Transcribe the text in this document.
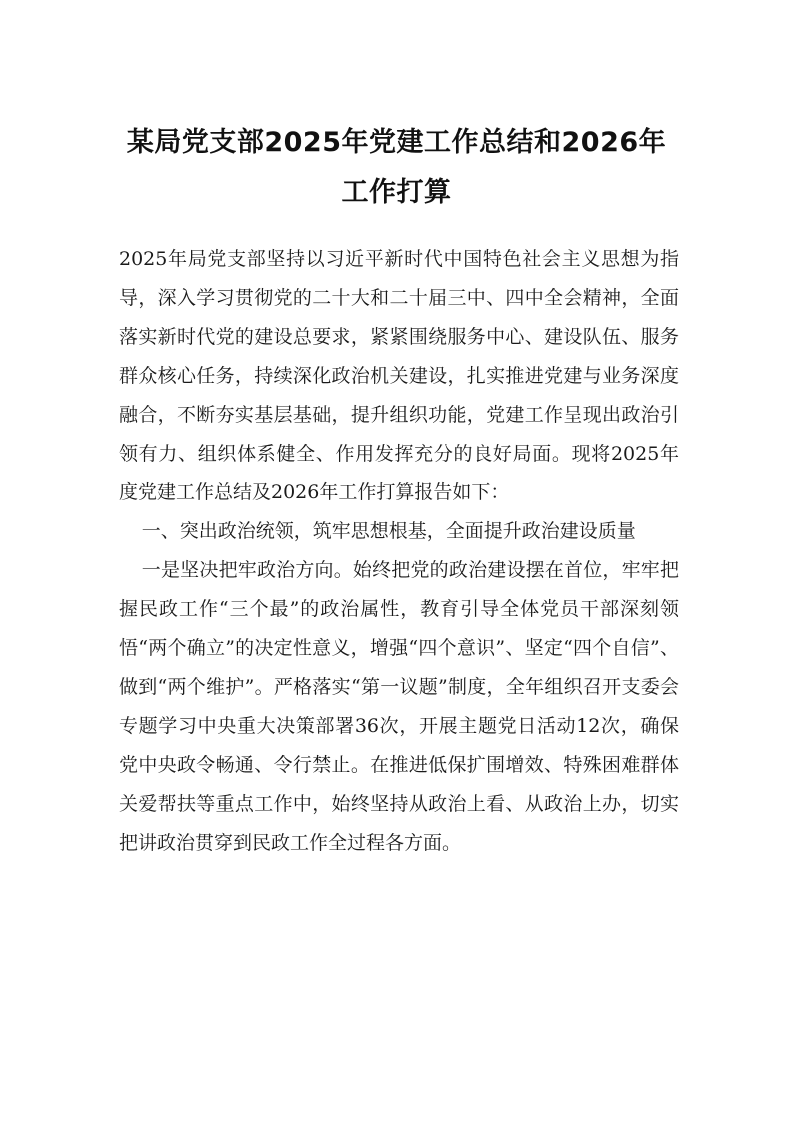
某局党支部2025年党建工作总结和2026年
工作打算

2025年局党支部坚持以习近平新时代中国特色社会主义思想为指导，深入学习贯彻党的二十大和二十届三中、四中全会精神，全面落实新时代党的建设总要求，紧紧围绕服务中心、建设队伍、服务群众核心任务，持续深化政治机关建设，扎实推进党建与业务深度融合，不断夯实基层基础，提升组织功能，党建工作呈现出政治引领有力、组织体系健全、作用发挥充分的良好局面。现将2025年度党建工作总结及2026年工作打算报告如下：

一、突出政治统领，筑牢思想根基，全面提升政治建设质量

一是坚决把牢政治方向。始终把党的政治建设摆在首位，牢牢把握民政工作“三个最”的政治属性，教育引导全体党员干部深刻领悟“两个确立”的决定性意义，增强“四个意识”、坚定“四个自信”、做到“两个维护”。严格落实“第一议题”制度，全年组织召开支委会专题学习中央重大决策部署36次，开展主题党日活动12次，确保党中央政令畅通、令行禁止。在推进低保扩围增效、特殊困难群体关爱帮扶等重点工作中，始终坚持从政治上看、从政治上办，切实把讲政治贯穿到民政工作全过程各方面。
